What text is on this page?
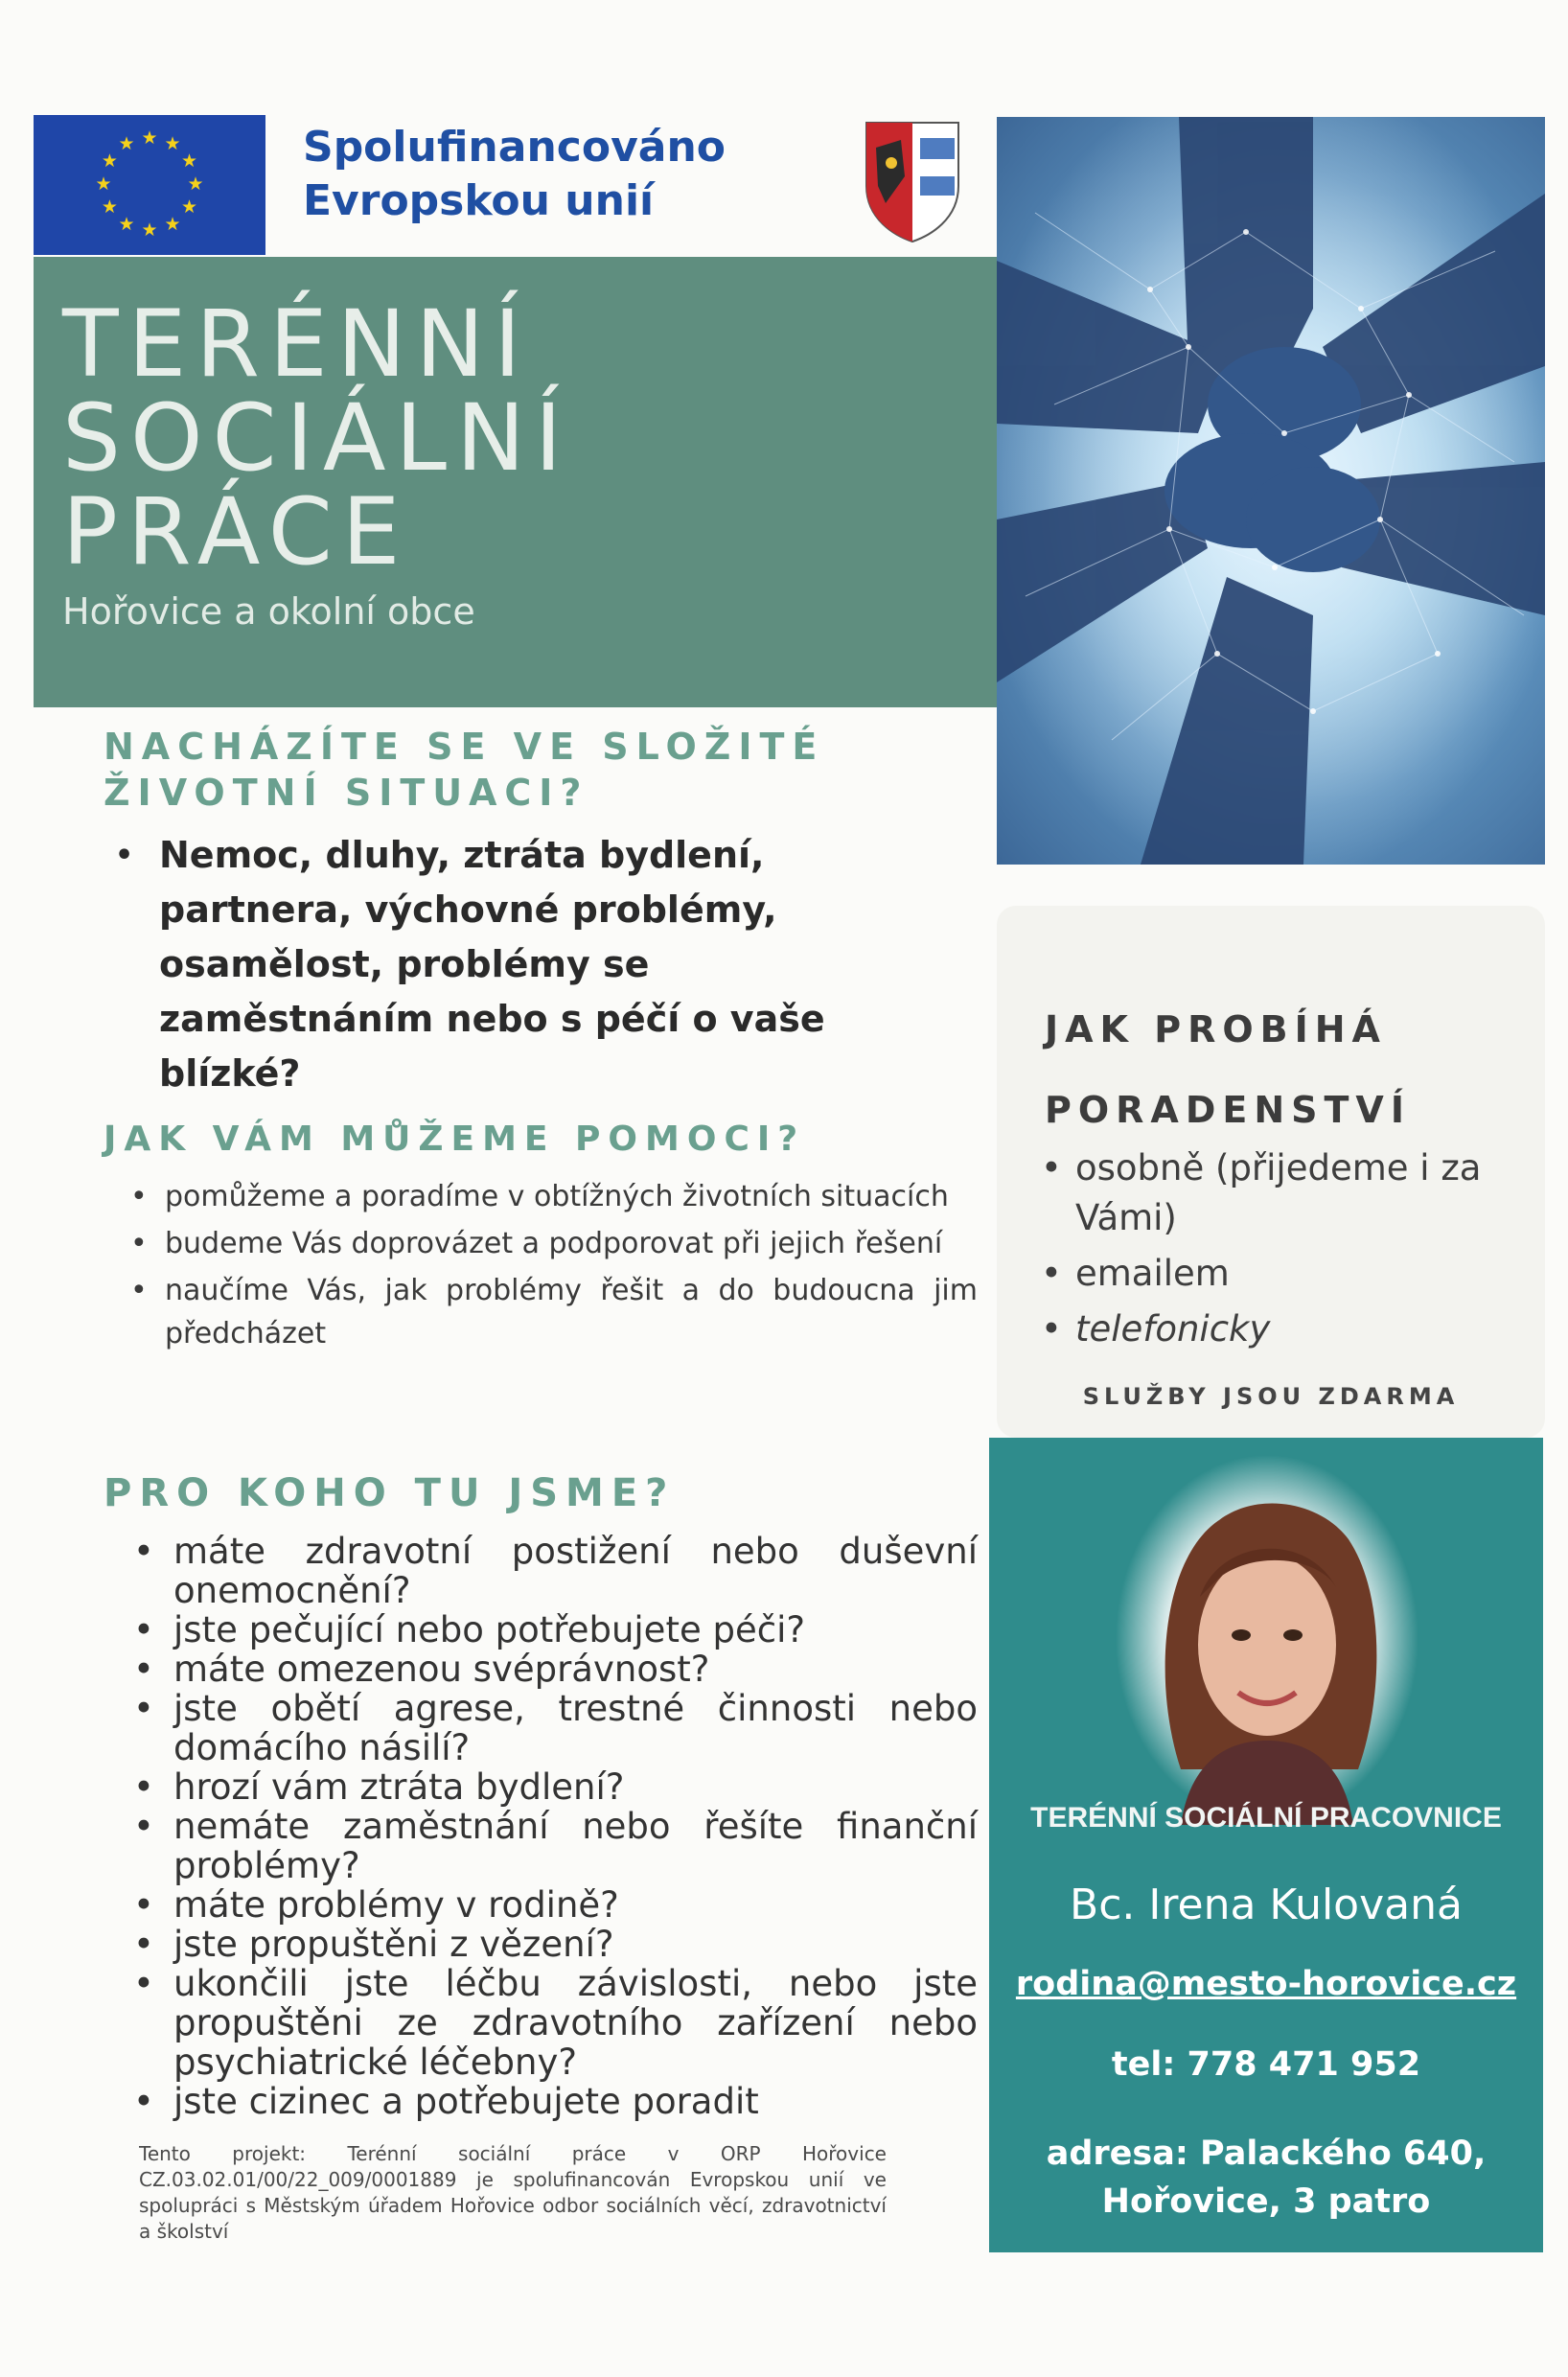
★ ★
★
★
★
★
★
★
★
★
★
★	Spolufinancováno
Evropskou unií
TERÉNNÍ
SOCIÁLNÍ
PRÁCE
Hořovice a okolní obce
NACHÁZÍTE SE VE SLOŽITÉ
ŽIVOTNÍ SITUACI?
• Nemoc, dluhy, ztráta bydlení, partnera, výchovné problémy, osamělost, problémy se zaměstnáním nebo s péčí o vaše blízké?
JAK VÁM MŮŽEME POMOCI?
• pomůžeme a poradíme v obtížných životních situacích
• budeme Vás doprovázet a podporovat při jejich řešení
• naučíme Vás, jak problémy řešit a do budoucna jim předcházet
PRO KOHO TU JSME?
• máte zdravotní postižení nebo duševní onemocnění?
• jste pečující nebo potřebujete péči?
• máte omezenou svéprávnost?
• jste obětí agrese, trestné činnosti nebo domácího násilí?
• hrozí vám ztráta bydlení?
• nemáte zaměstnání nebo řešíte finanční problémy?
• máte problémy v rodině?
• jste propuštěni z vězení?
• ukončili jste léčbu závislosti, nebo jste propuštěni ze zdravotního zařízení nebo psychiatrické léčebny?
• jste cizinec a potřebujete poradit
Tento projekt: Terénní sociální práce v ORP Hořovice CZ.03.02.01/00/22_009/0001889 je spolufinancován Evropskou unií ve spolupráci s Městským úřadem Hořovice odbor sociálních věcí, zdravotnictví a školství
JAK PROBÍHÁ
PORADENSTVÍ
• osobně (přijedeme i za Vámi)
• emailem
• telefonicky
SLUŽBY JSOU ZDARMA
TERÉNNÍ SOCIÁLNÍ PRACOVNICE
Bc. Irena Kulovaná
rodina@mesto-horovice.cz
tel: 778 471 952
adresa: Palackého 640,
Hořovice, 3 patro
